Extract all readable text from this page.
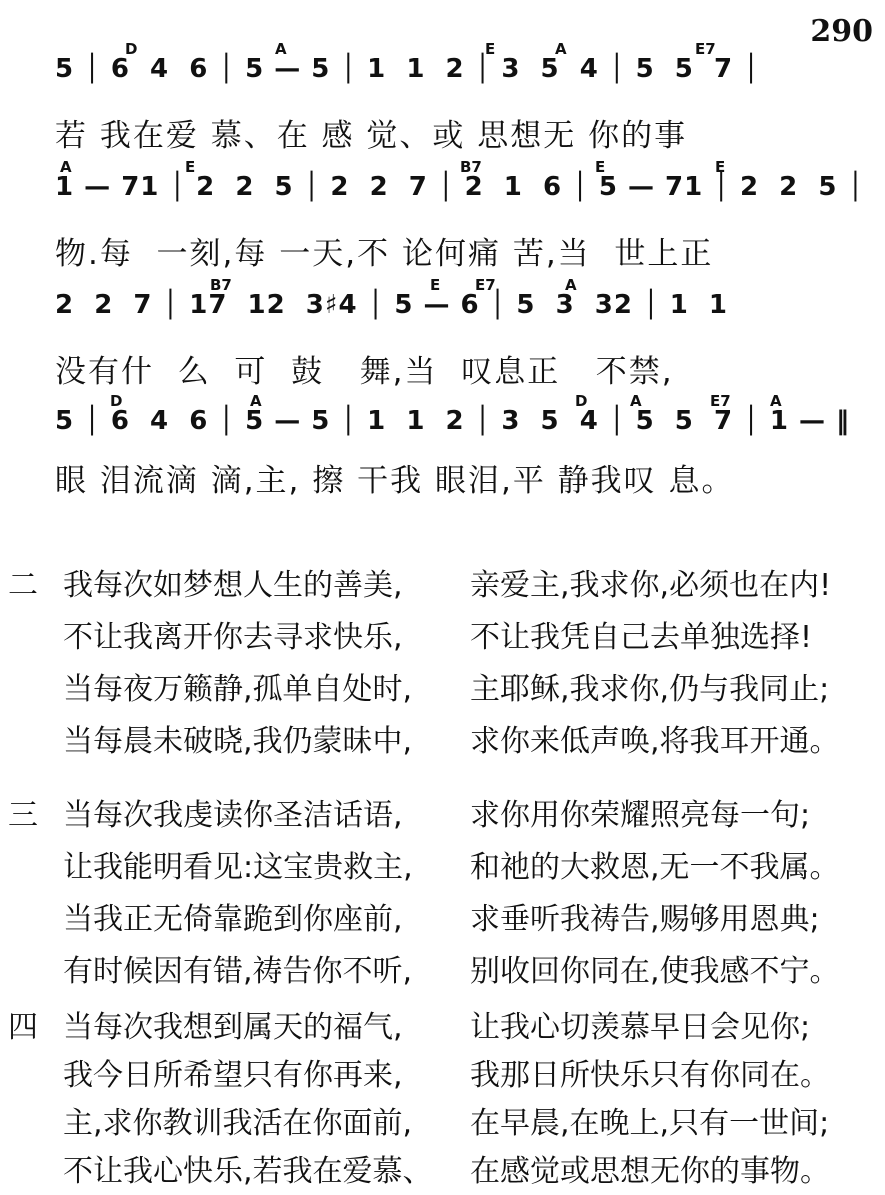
290
D	A	E	A	E7
5 │ 6  4  6 │ 5 — 5 │ 1  1  2 │ 3  5  4 │ 5  5  7 │
若 我在爱 慕、在 感 觉、或 思想无 你的事
A	E	B7	E	E
1 — 71 │ 2  2  5 │ 2  2  7 │ 2  1  6 │ 5 — 71 │ 2  2  5 │
物.每  一刻,每 一天,不 论何痛 苦,当  世上正
B7	E E7	A
2  2  7 │ 17  12  3♯4 │ 5 — 6 │ 5  3  32 │ 1  1
没有什  么  可  鼓   舞,当  叹息正   不禁,
D	A	D	A	E7	A
5 │ 6  4  6 │ 5 — 5 │ 1  1  2 │ 3  5  4 │ 5  5  7 │ 1 — ‖
眼 泪流滴 滴,主, 擦 干我 眼泪,平 静我叹 息。
二 我每次如梦想人生的善美,
不让我离开你去寻求快乐,
当每夜万籁静,孤单自处时,
当每晨未破晓,我仍蒙昧中,
亲爱主,我求你,必须也在内!
不让我凭自己去单独选择!
主耶稣,我求你,仍与我同止;
求你来低声唤,将我耳开通。
三 当每次我虔读你圣洁话语,
让我能明看见:这宝贵救主,
当我正无倚靠跪到你座前,
有时候因有错,祷告你不听,
求你用你荣耀照亮每一句;
和祂的大救恩,无一不我属。
求垂听我祷告,赐够用恩典;
别收回你同在,使我感不宁。
四 当每次我想到属天的福气,
我今日所希望只有你再来,
主,求你教训我活在你面前,
不让我心快乐,若我在爱慕、
让我心切羡慕早日会见你;
我那日所快乐只有你同在。
在早晨,在晚上,只有一世间;
在感觉或思想无你的事物。
